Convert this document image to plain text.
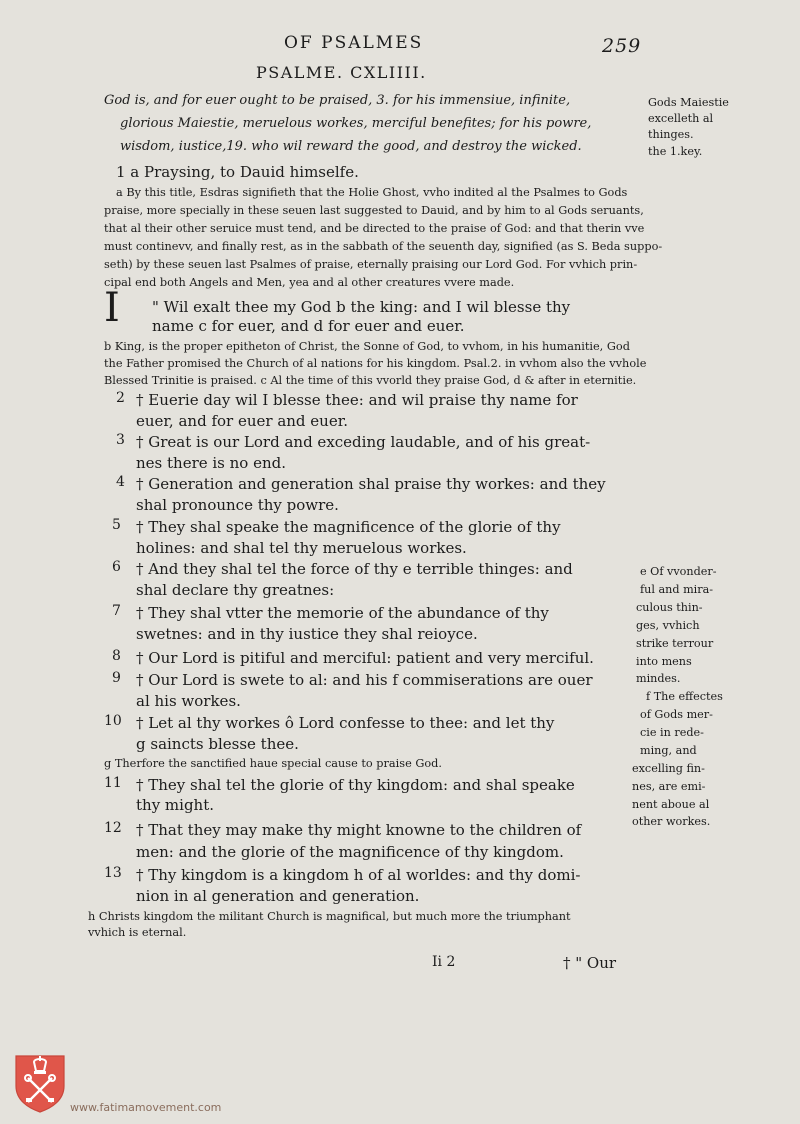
OF PSALMES	259
PSALME. CXLIIII.
God is, and for euer ought to be praised, 3. for his immensiue, infinite,
glorious Maiestie, meruelous workes, merciful benefites; for his powre,
wisdom, iustice,19. who wil reward the good, and destroy the wicked.
Gods Maiestie
excelleth al
thinges.
the 1.key.
1 a Praysing, to Dauid himselfe.
a By this title, Esdras signifieth that the Holie Ghost, vvho indited al the Psalmes to Gods
praise, more specially in these seuen last suggested to Dauid, and by him to al Gods seruants,
that al their other seruice must tend, and be directed to the praise of God: and that therin vve
must continevv, and finally rest, as in the sabbath of the seuenth day, signified (as S. Beda suppo-
seth) by these seuen last Psalmes of praise, eternally praising our Lord God. For vvhich prin-
cipal end both Angels and Men, yea and al other creatures vvere made.
I " Wil exalt thee my God b the king: and I wil blesse thy
name c for euer, and d for euer and euer.
b King, is the proper epitheton of Christ, the Sonne of God, to vvhom, in his humanitie, God
the Father promised the Church of al nations for his kingdom. Psal.2. in vvhom also the vvhole
Blessed Trinitie is praised. c Al the time of this vvorld they praise God, d & after in eternitie.
2 † Euerie day wil I blesse thee: and wil praise thy name for
euer, and for euer and euer.
3 † Great is our Lord and exceding laudable, and of his great-
nes there is no end.
4 † Generation and generation shal praise thy workes: and they
shal pronounce thy powre.
5 † They shal speake the magnificence of the glorie of thy
holines: and shal tel thy meruelous workes.
6 † And they shal tel the force of thy e terrible thinges: and
shal declare thy greatnes:
7 † They shal vtter the memorie of the abundance of thy
swetnes: and in thy iustice they shal reioyce.
8 † Our Lord is pitiful and merciful: patient and very merciful.
9 † Our Lord is swete to al: and his f commiserations are ouer
al his workes.
10 † Let al thy workes ô Lord confesse to thee: and let thy
g saincts blesse thee.
g Therfore the sanctified haue special cause to praise God.
11 † They shal tel the glorie of thy kingdom: and shal speake
thy might.
12 † That they may make thy might knowne to the children of
men: and the glorie of the magnificence of thy kingdom.
13 † Thy kingdom is a kingdom h of al worldes: and thy domi-
nion in al generation and generation.
h Christs kingdom the militant Church is magnifical, but much more the triumphant
vvhich is eternal.
e Of vvonder-
ful and mira-
culous thin-
ges, vvhich
strike terrour
into mens
mindes.
f The effectes
of Gods mer-
cie in rede-
ming, and
excelling fin-
nes, are emi-
nent aboue al
other workes.
Ii 2	† " Our
www.fatimamovement.com
